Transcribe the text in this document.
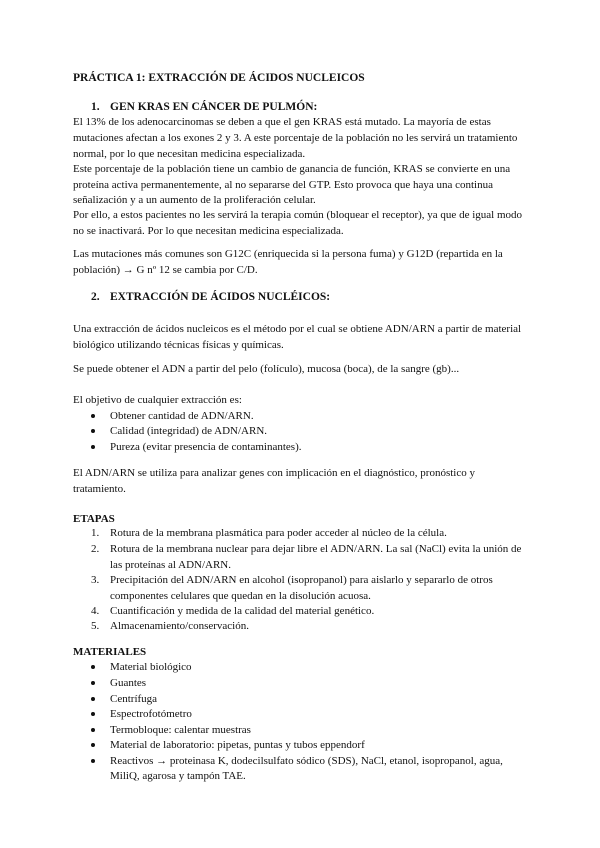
PRÁCTICA 1: EXTRACCIÓN DE ÁCIDOS NUCLEICOS
1. GEN KRAS EN CÁNCER DE PULMÓN:
El 13% de los adenocarcinomas se deben a que el gen KRAS está mutado. La mayoría de estas
mutaciones afectan a los exones 2 y 3. A este porcentaje de la población no les servirá un tratamiento
normal, por lo que necesitan medicina especializada.
Este porcentaje de la población tiene un cambio de ganancia de función, KRAS se convierte en una
proteína activa permanentemente, al no separarse del GTP. Esto provoca que haya una continua
señalización y a un aumento de la proliferación celular.
Por ello, a estos pacientes no les servirá la terapia común (bloquear el receptor), ya que de igual modo
no se inactivará. Por lo que necesitan medicina especializada.
Las mutaciones más comunes son G12C (enriquecida si la persona fuma) y G12D (repartida en la
población) → G nº 12 se cambia por C/D.
2. EXTRACCIÓN DE ÁCIDOS NUCLÉICOS:
Una extracción de ácidos nucleicos es el método por el cual se obtiene ADN/ARN a partir de material
biológico utilizando técnicas físicas y químicas.
Se puede obtener el ADN a partir del pelo (folículo), mucosa (boca), de la sangre (gb)...
El objetivo de cualquier extracción es:
Obtener cantidad de ADN/ARN.
Calidad (integridad) de ADN/ARN.
Pureza (evitar presencia de contaminantes).
El ADN/ARN se utiliza para analizar genes con implicación en el diagnóstico, pronóstico y
tratamiento.
ETAPAS
1. Rotura de la membrana plasmática para poder acceder al núcleo de la célula.
2. Rotura de la membrana nuclear para dejar libre el ADN/ARN. La sal (NaCl) evita la unión de
las proteínas al ADN/ARN.
3. Precipitación del ADN/ARN en alcohol (isopropanol) para aislarlo y separarlo de otros
componentes celulares que quedan en la disolución acuosa.
4. Cuantificación y medida de la calidad del material genético.
5. Almacenamiento/conservación.
MATERIALES
Material biológico
Guantes
Centrífuga
Espectrofotómetro
Termobloque: calentar muestras
Material de laboratorio: pipetas, puntas y tubos eppendorf
Reactivos → proteinasa K, dodecilsulfato sódico (SDS), NaCl, etanol, isopropanol, agua,
MiliQ, agarosa y tampón TAE.
